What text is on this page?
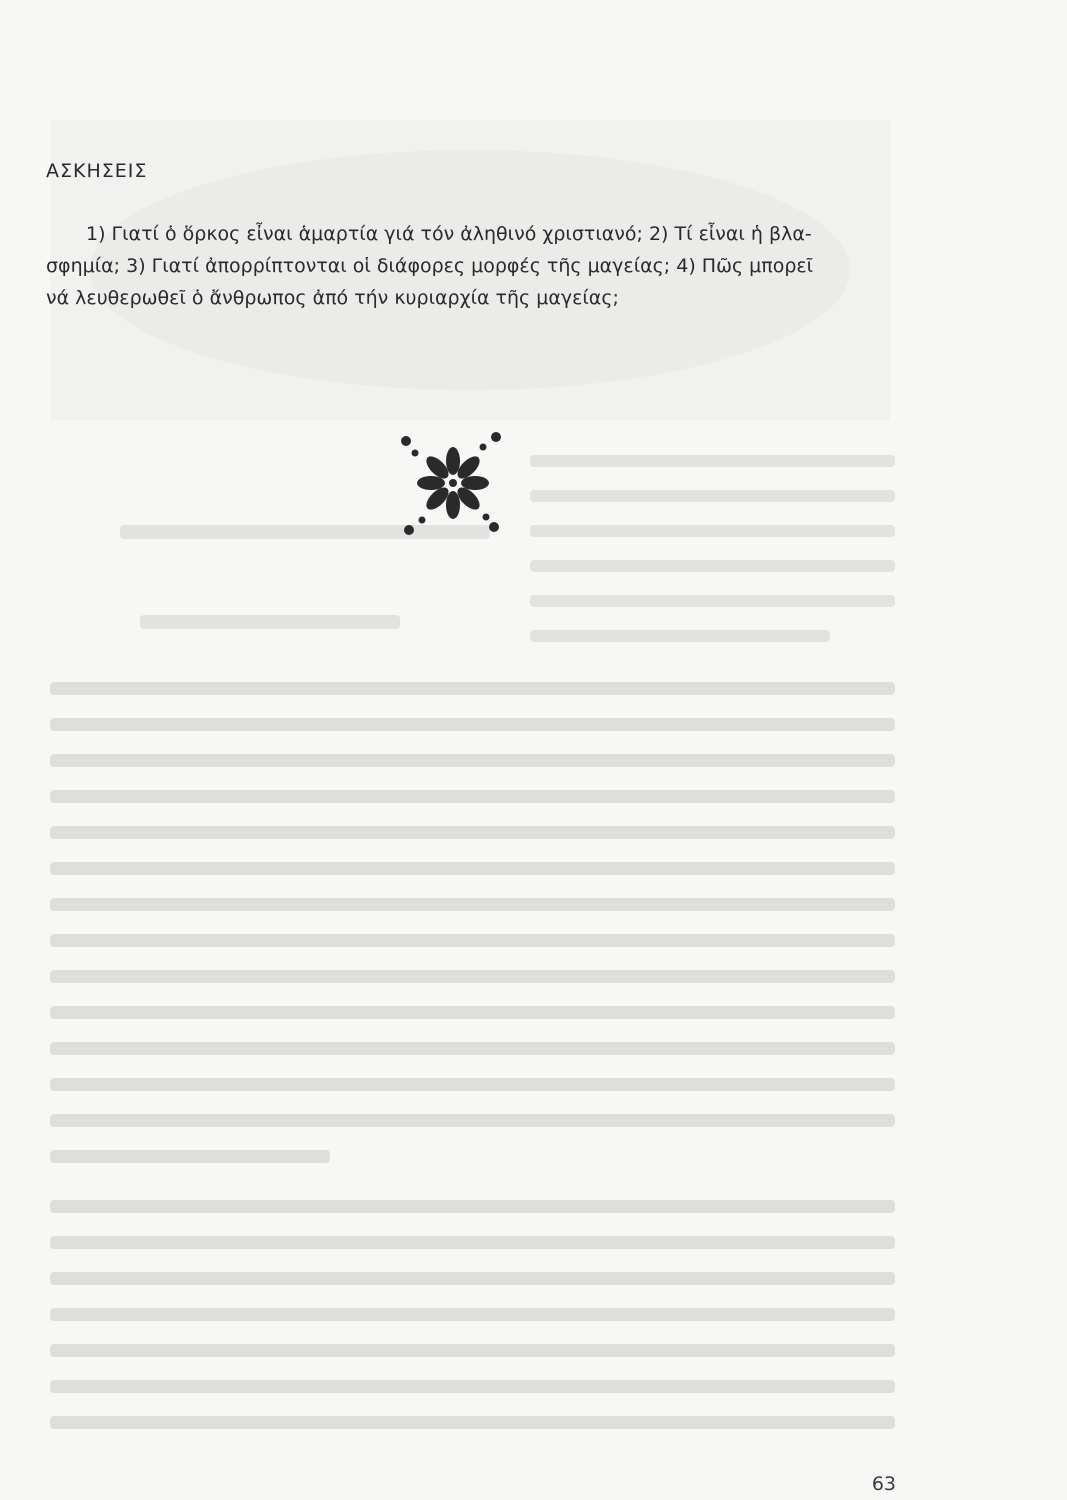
ΑΣΚΗΣΕΙΣ

1) Γιατί ὁ ὅρκος εἶναι ἁμαρτία γιά τόν ἀληθινό χριστιανό; 2) Τί εἶναι ἡ βλα-
σφημία; 3) Γιατί ἀπορρίπτονται οἱ διάφορες μορφές τῆς μαγείας; 4) Πῶς μπορεῖ
νά λευθερωθεῖ ὁ ἄνθρωπος ἀπό τήν κυριαρχία τῆς μαγείας;

63
